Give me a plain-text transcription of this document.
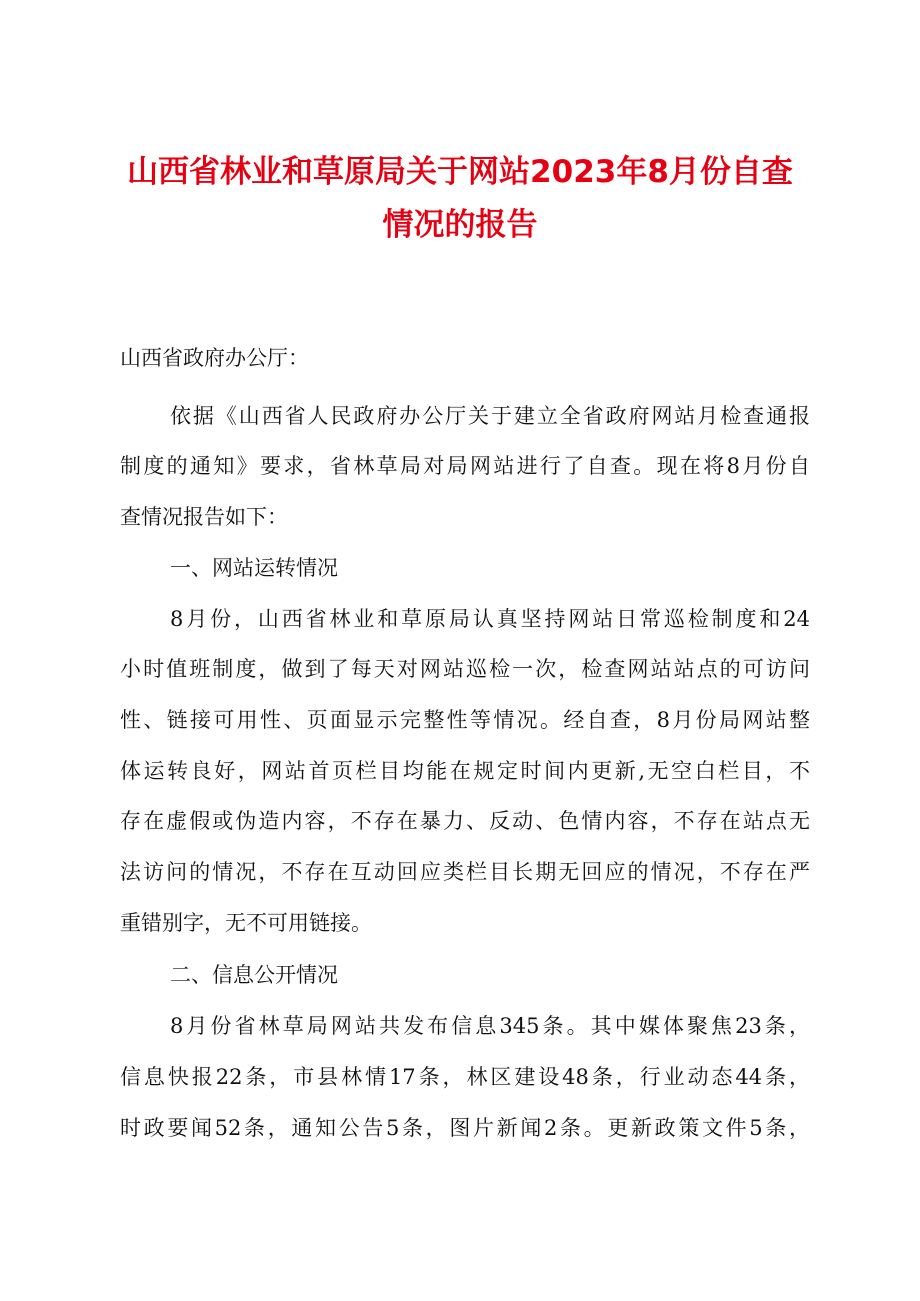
山西省林业和草原局关于网站2023年8月份自查
情况的报告
山西省政府办公厅：
依据《山西省人民政府办公厅关于建立全省政府网站月检查通报
制度的通知》要求，省林草局对局网站进行了自查。现在将8月份自
查情况报告如下：
一、网站运转情况
8月份，山西省林业和草原局认真坚持网站日常巡检制度和24
小时值班制度，做到了每天对网站巡检一次，检查网站站点的可访问
性、链接可用性、页面显示完整性等情况。经自查，8月份局网站整
体运转良好，网站首页栏目均能在规定时间内更新,无空白栏目，不
存在虚假或伪造内容，不存在暴力、反动、色情内容，不存在站点无
法访问的情况，不存在互动回应类栏目长期无回应的情况，不存在严
重错别字，无不可用链接。
二、信息公开情况
8月份省林草局网站共发布信息345条。其中媒体聚焦23条，
信息快报22条，市县林情17条，林区建设48条，行业动态44条，
时政要闻52条，通知公告5条，图片新闻2条。更新政策文件5条，
